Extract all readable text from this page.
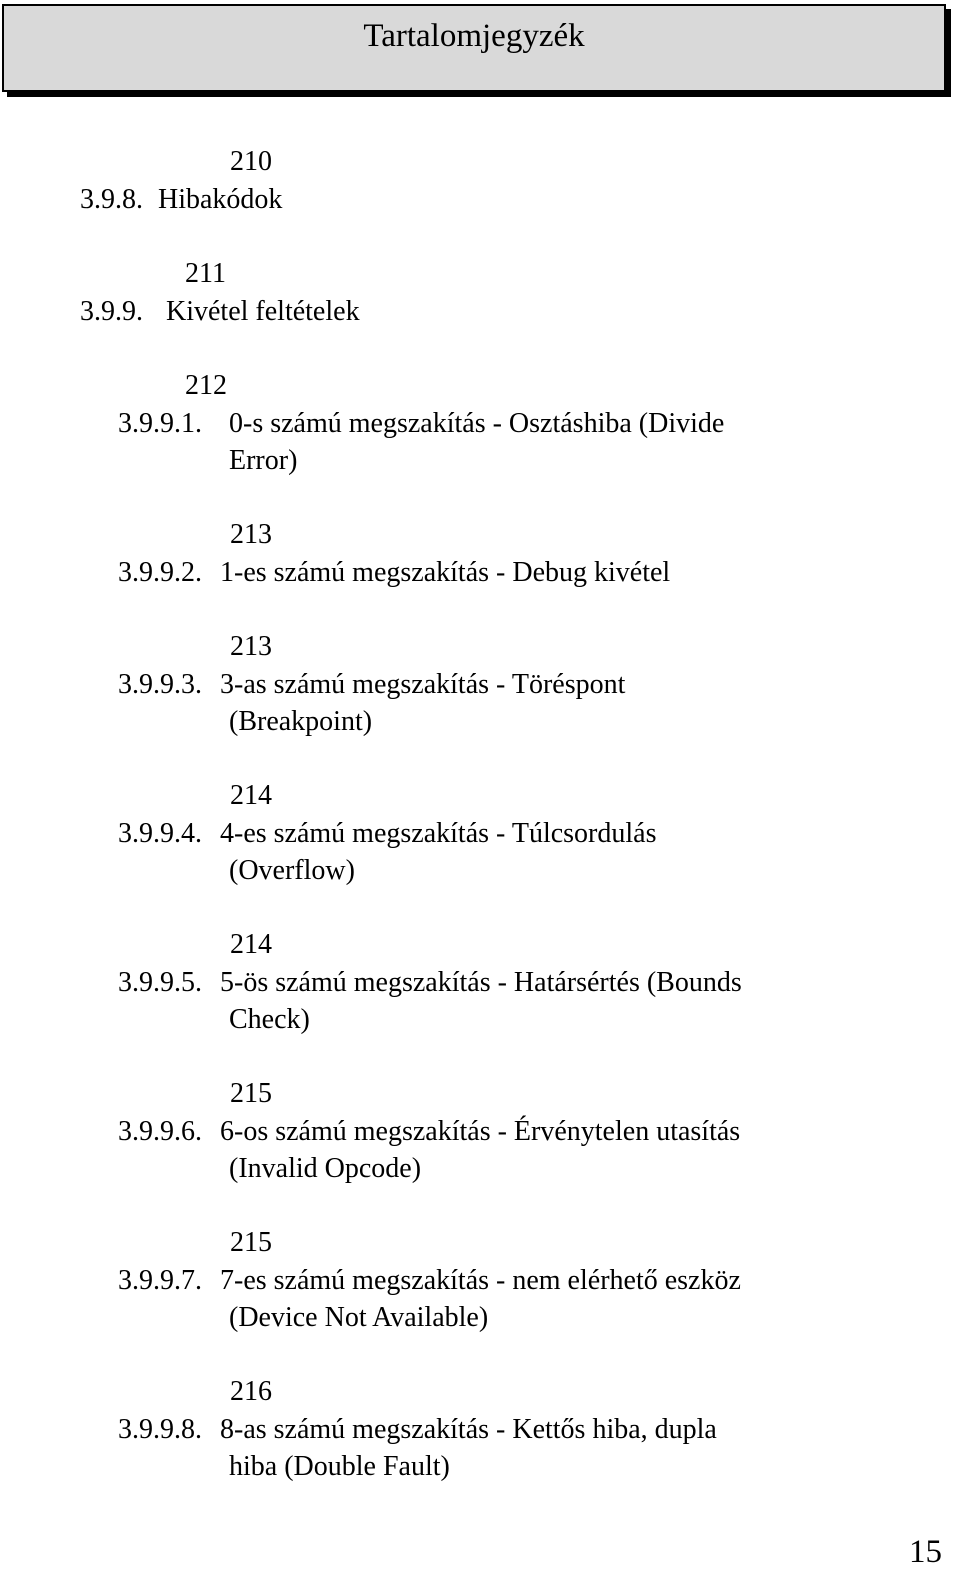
Tartalomjegyzék
.....
210
3.9.8. Hibakódok
.....
211
3.9.9. Kivétel feltételek
.....
212
3.9.9.1. 0-s számú megszakítás - Osztáshiba (Divide
Error)
.....
213
3.9.9.2. 1-es számú megszakítás - Debug kivétel
.....
213
3.9.9.3. 3-as számú megszakítás - Töréspont
(Breakpoint)
.....
214
3.9.9.4. 4-es számú megszakítás - Túlcsordulás
(Overflow)
.....
214
3.9.9.5. 5-ös számú megszakítás - Határsértés (Bounds
Check)
.....
215
3.9.9.6. 6-os számú megszakítás - Érvénytelen utasítás
(Invalid Opcode)
.....
215
3.9.9.7. 7-es számú megszakítás - nem elérhető eszköz
(Device Not Available)
.....
216
3.9.9.8. 8-as számú megszakítás - Kettős hiba, dupla
hiba (Double Fault)
15
